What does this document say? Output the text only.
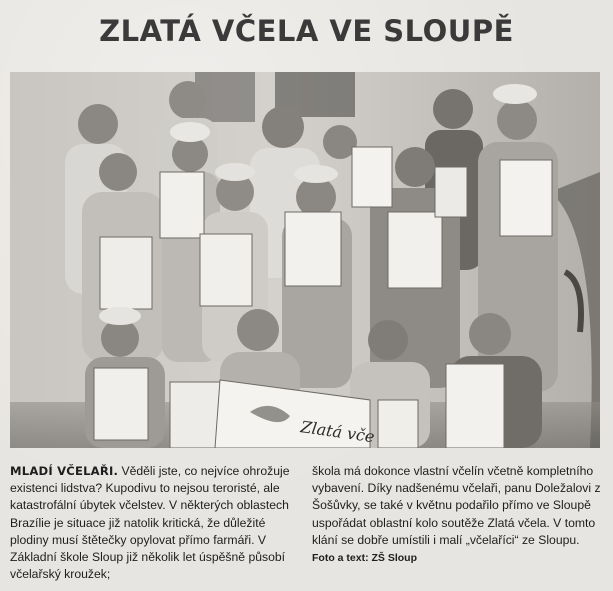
ZLATÁ VČELA VE SLOUPĚ
Zlatá vče
MLADÍ VČELAŘI. Věděli jste, co nejvíce ohrožuje existenci lidstva? Kupodivu to nejsou teroristé, ale katastrofální úbytek včelstev. V některých oblastech Brazílie je situace již natolik kritická, že důležité plodiny musí štětečky opylovat přímo farmáři. V Základní škole Sloup již několik let úspěšně působí včelařský kroužek;
škola má dokonce vlastní včelín včetně kompletního vybavení. Díky nadšenému včelaři, panu Doležalovi z Šošůvky, se také v květnu podařilo přímo ve Sloupě uspořádat oblastní kolo soutěže Zlatá včela. V tomto klání se dobře umístili i malí „včelaříci“ ze Sloupu.
Foto a text: ZŠ Sloup
